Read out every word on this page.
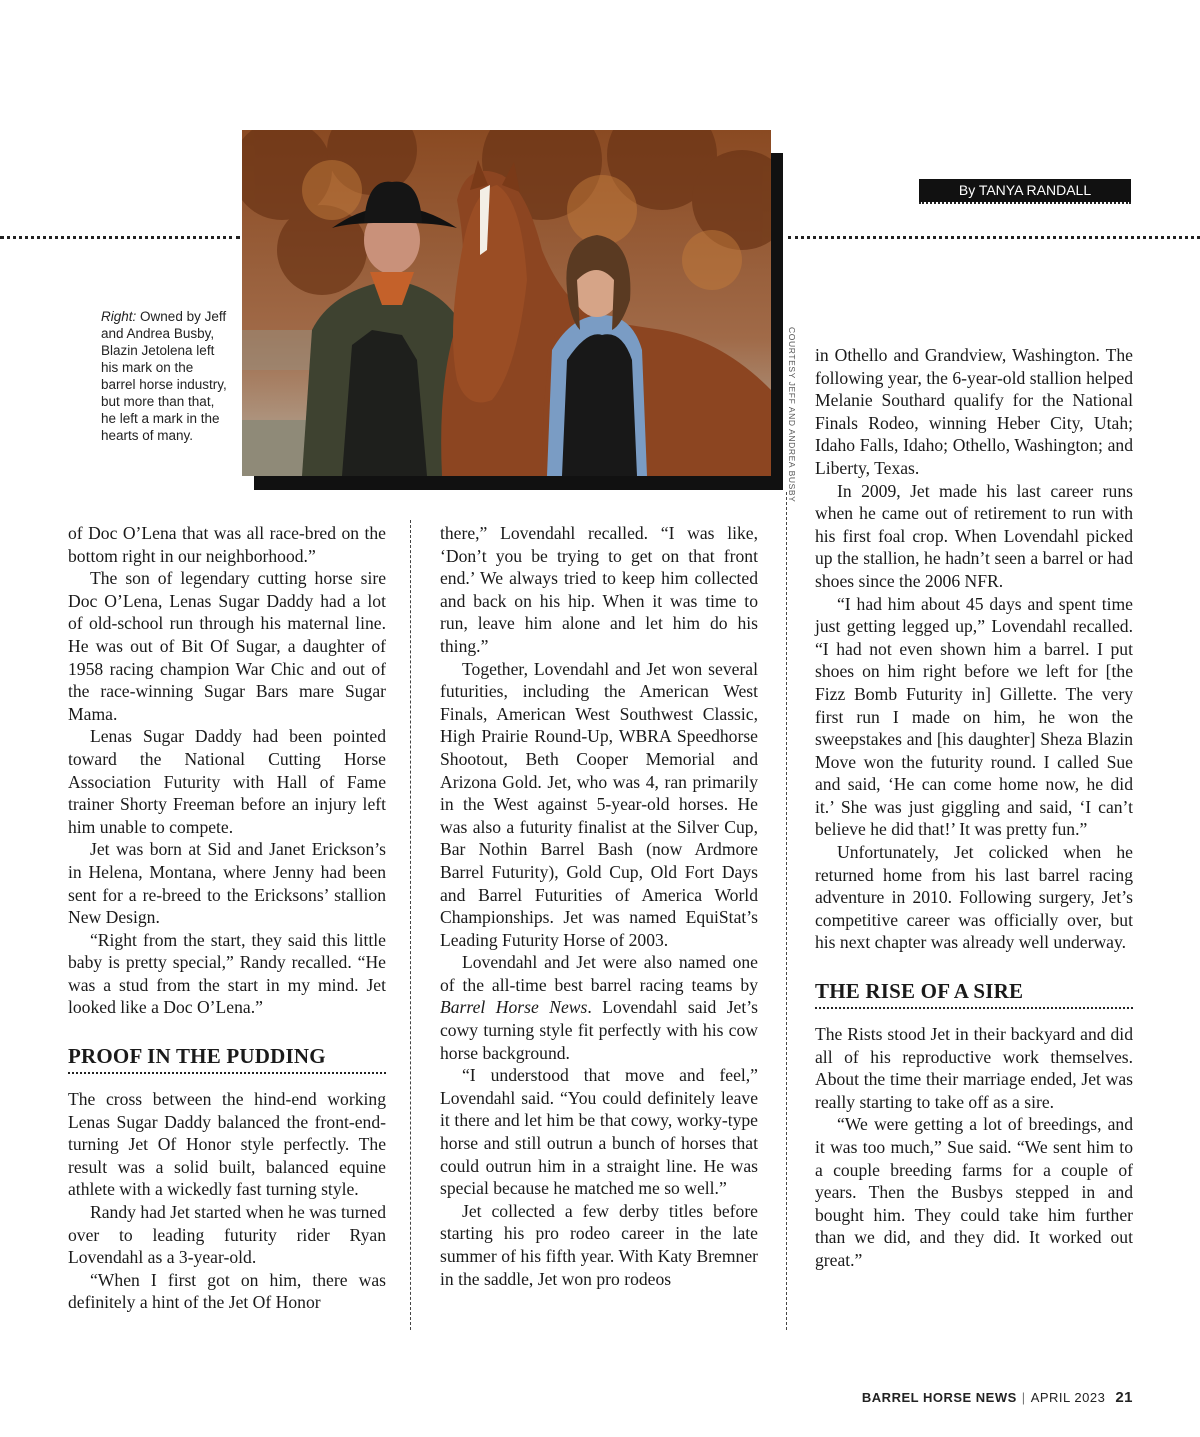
By TANYA RANDALL
COURTESY JEFF AND ANDREA BUSBY
Right: Owned by Jeff and Andrea Busby, Blazin Jetolena left his mark on the barrel horse industry, but more than that, he left a mark in the hearts of many.

of Doc O’Lena that was all race-bred on the bottom right in our neighborhood.”

The son of legendary cutting horse sire Doc O’Lena, Lenas Sugar Daddy had a lot of old-school run through his maternal line. He was out of Bit Of Sugar, a daughter of 1958 racing champion War Chic and out of the race-winning Sugar Bars mare Sugar Mama.

Lenas Sugar Daddy had been pointed toward the National Cutting Horse Association Futurity with Hall of Fame trainer Shorty Freeman before an injury left him unable to compete.

Jet was born at Sid and Janet Erickson’s in Helena, Montana, where Jenny had been sent for a re-breed to the Ericksons’ stallion New Design.

“Right from the start, they said this little baby is pretty special,” Randy recalled. “He was a stud from the start in my mind. Jet looked like a Doc O’Lena.”

PROOF IN THE PUDDING

The cross between the hind-end working Lenas Sugar Daddy balanced the front-end-turning Jet Of Honor style perfectly. The result was a solid built, balanced equine athlete with a wickedly fast turning style.

Randy had Jet started when he was turned over to leading futurity rider Ryan Lovendahl as a 3-year-old.

“When I first got on him, there was definitely a hint of the Jet Of Honor

there,” Lovendahl recalled. “I was like, ‘Don’t you be trying to get on that front end.’ We always tried to keep him collected and back on his hip. When it was time to run, leave him alone and let him do his thing.”

Together, Lovendahl and Jet won several futurities, including the American West Finals, American West Southwest Classic, High Prairie Round-Up, WBRA Speedhorse Shootout, Beth Cooper Memorial and Arizona Gold. Jet, who was 4, ran primarily in the West against 5-year-old horses. He was also a futurity finalist at the Silver Cup, Bar Nothin Barrel Bash (now Ardmore Barrel Futurity), Gold Cup, Old Fort Days and Barrel Futurities of America World Championships. Jet was named EquiStat’s Leading Futurity Horse of 2003.

Lovendahl and Jet were also named one of the all-time best barrel racing teams by Barrel Horse News. Lovendahl said Jet’s cowy turning style fit perfectly with his cow horse background.

“I understood that move and feel,” Lovendahl said. “You could definitely leave it there and let him be that cowy, worky-type horse and still outrun a bunch of horses that could outrun him in a straight line. He was special because he matched me so well.”

Jet collected a few derby titles before starting his pro rodeo career in the late summer of his fifth year. With Katy Bremner in the saddle, Jet won pro rodeos

in Othello and Grandview, Washington. The following year, the 6-year-old stallion helped Melanie Southard qualify for the National Finals Rodeo, winning Heber City, Utah; Idaho Falls, Idaho; Othello, Washington; and Liberty, Texas.

In 2009, Jet made his last career runs when he came out of retirement to run with his first foal crop. When Lovendahl picked up the stallion, he hadn’t seen a barrel or had shoes since the 2006 NFR.

“I had him about 45 days and spent time just getting legged up,” Lovendahl recalled. “I had not even shown him a barrel. I put shoes on him right before we left for [the Fizz Bomb Futurity in] Gillette. The very first run I made on him, he won the sweepstakes and [his daughter] Sheza Blazin Move won the futurity round. I called Sue and said, ‘He can come home now, he did it.’ She was just giggling and said, ‘I can’t believe he did that!’ It was pretty fun.”

Unfortunately, Jet colicked when he returned home from his last barrel racing adventure in 2010. Following surgery, Jet’s competitive career was officially over, but his next chapter was already well underway.

THE RISE OF A SIRE

The Rists stood Jet in their backyard and did all of his reproductive work themselves. About the time their marriage ended, Jet was really starting to take off as a sire.

“We were getting a lot of breedings, and it was too much,” Sue said. “We sent him to a couple breeding farms for a couple of years. Then the Busbys stepped in and bought him. They could take him further than we did, and they did. It worked out great.”

BARREL HORSE NEWS | APRIL 2023 21
